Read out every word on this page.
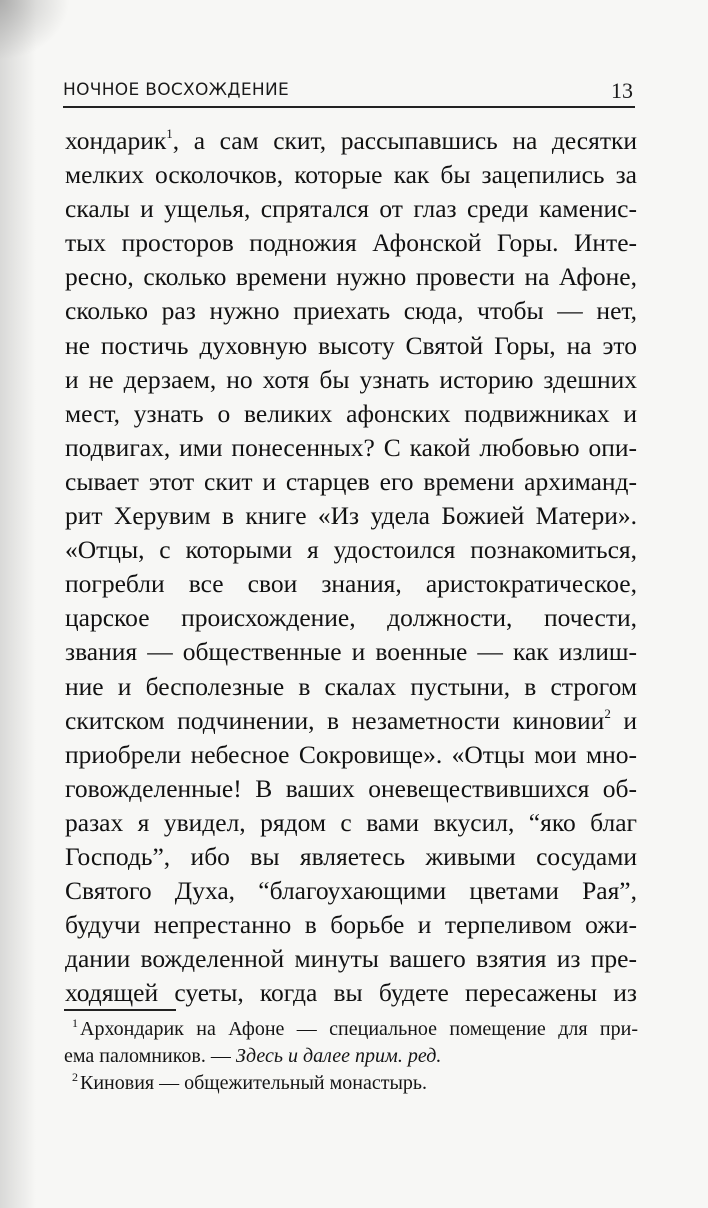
НОЧНОЕ ВОСХОЖДЕНИЕ	13
хондарик$^1$, а сам скит, рассыпавшись на десятки
мелких осколочков, которые как бы зацепились за
скалы и ущелья, спрятался от глаз среди каменис-
тых просторов подножия Афонской Горы. Инте-
ресно, сколько времени нужно провести на Афоне,
сколько раз нужно приехать сюда, чтобы — нет,
не постичь духовную высоту Святой Горы, на это
и не дерзаем, но хотя бы узнать историю здешних
мест, узнать о великих афонских подвижниках и
подвигах, ими понесенных? С какой любовью опи-
сывает этот скит и старцев его времени архиманд-
рит Херувим в книге «Из удела Божией Матери».
«Отцы, с которыми я удостоился познакомиться,
погребли все свои знания, аристократическое,
царское происхождение, должности, почести,
звания — общественные и военные — как излиш-
ние и бесполезные в скалах пустыни, в строгом
скитском подчинении, в незаметности киновии$^2$ и
приобрели небесное Сокровище». «Отцы мои мно-
говожделенные! В ваших оневеществившихся об-
разах я увидел, рядом с вами вкусил, “яко благ
Господь”, ибо вы являетесь живыми сосудами
Святого Духа, “благоухающими цветами Рая”,
будучи непрестанно в борьбе и терпеливом ожи-
дании вожделенной минуты вашего взятия из пре-
ходящей суеты, когда вы будете пересажены из
$^1$ Архондарик на Афоне — специальное помещение для при-
ема паломников. — Здесь и далее прим. ред.
$^2$ Киновия — общежительный монастырь.
